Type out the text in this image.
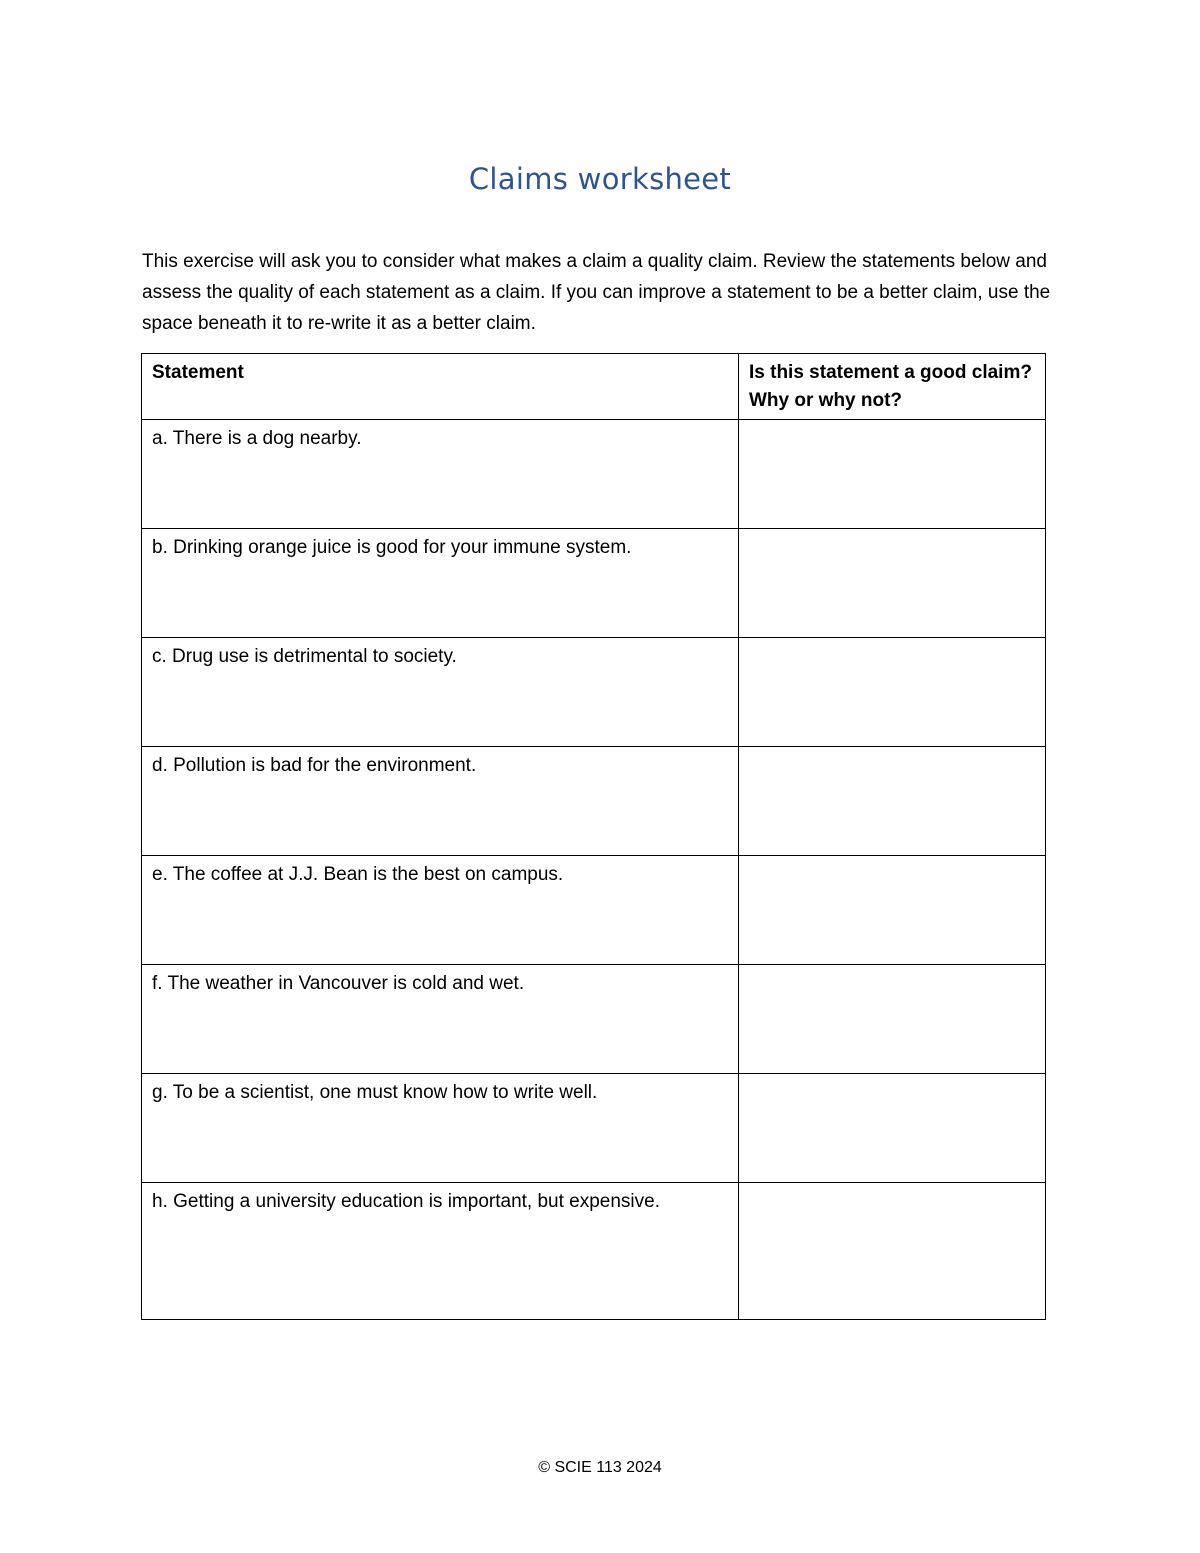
Claims worksheet

This exercise will ask you to consider what makes a claim a quality claim. Review the statements below and assess the quality of each statement as a claim. If you can improve a statement to be a better claim, use the space beneath it to re-write it as a better claim.

Statement	Is this statement a good claim? Why or why not?
a. There is a dog nearby.	
b. Drinking orange juice is good for your immune system.	
c. Drug use is detrimental to society.	
d. Pollution is bad for the environment.	
e. The coffee at J.J. Bean is the best on campus.	
f. The weather in Vancouver is cold and wet.	
g. To be a scientist, one must know how to write well.	
h. Getting a university education is important, but expensive.	

© SCIE 113 2024
